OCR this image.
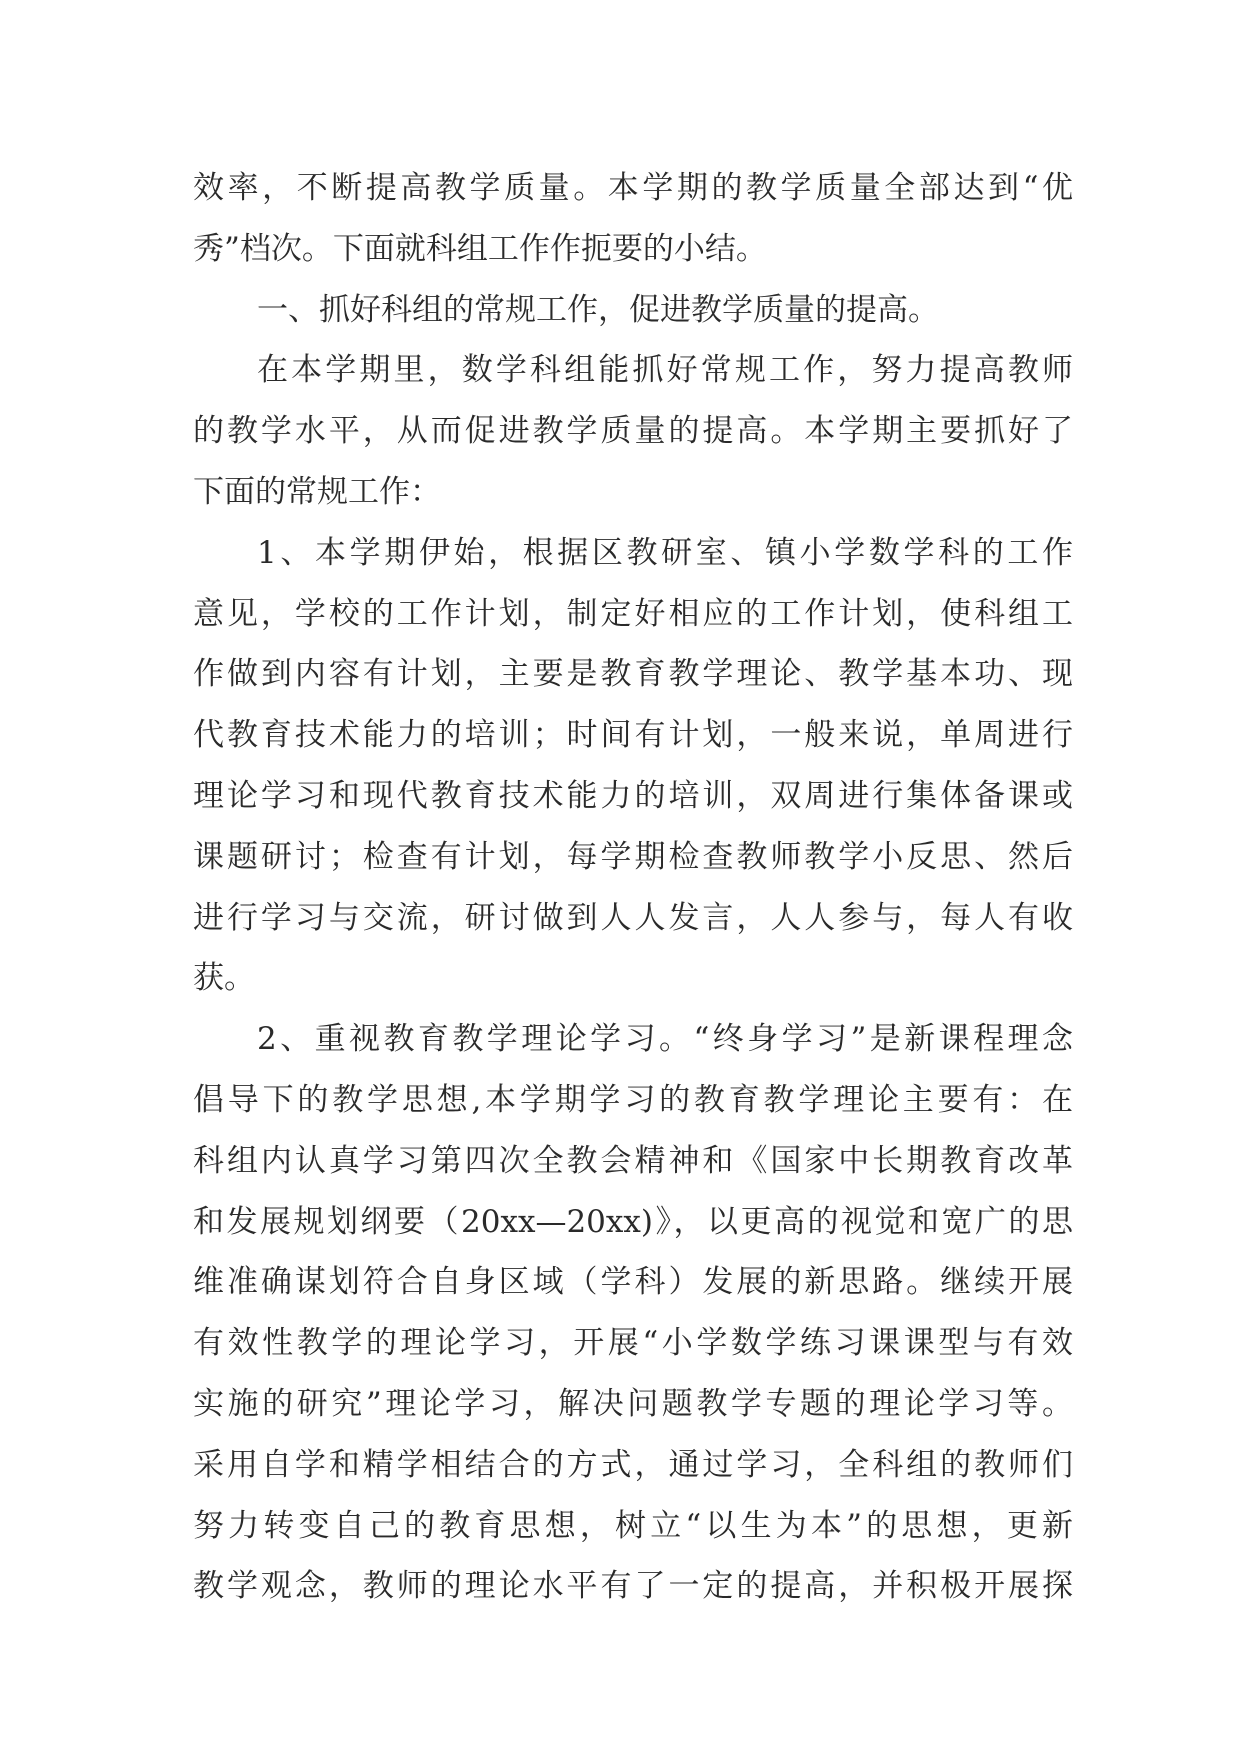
效率，不断提高教学质量。本学期的教学质量全部达到“优
秀”档次。下面就科组工作作扼要的小结。
一、抓好科组的常规工作，促进教学质量的提高。
在本学期里，数学科组能抓好常规工作，努力提高教师
的教学水平，从而促进教学质量的提高。本学期主要抓好了
下面的常规工作：
1、本学期伊始，根据区教研室、镇小学数学科的工作
意见，学校的工作计划，制定好相应的工作计划，使科组工
作做到内容有计划，主要是教育教学理论、教学基本功、现
代教育技术能力的培训；时间有计划，一般来说，单周进行
理论学习和现代教育技术能力的培训，双周进行集体备课或
课题研讨；检查有计划，每学期检查教师教学小反思、然后
进行学习与交流，研讨做到人人发言，人人参与，每人有收
获。
2、重视教育教学理论学习。“终身学习”是新课程理念
倡导下的教学思想,本学期学习的教育教学理论主要有：在
科组内认真学习第四次全教会精神和《国家中长期教育改革
和发展规划纲要（20xx—20xx)》，以更高的视觉和宽广的思
维准确谋划符合自身区域（学科）发展的新思路。继续开展
有效性教学的理论学习，开展“小学数学练习课课型与有效
实施的研究”理论学习，解决问题教学专题的理论学习等。
采用自学和精学相结合的方式，通过学习，全科组的教师们
努力转变自己的教育思想，树立“以生为本”的思想，更新
教学观念，教师的理论水平有了一定的提高，并积极开展探
